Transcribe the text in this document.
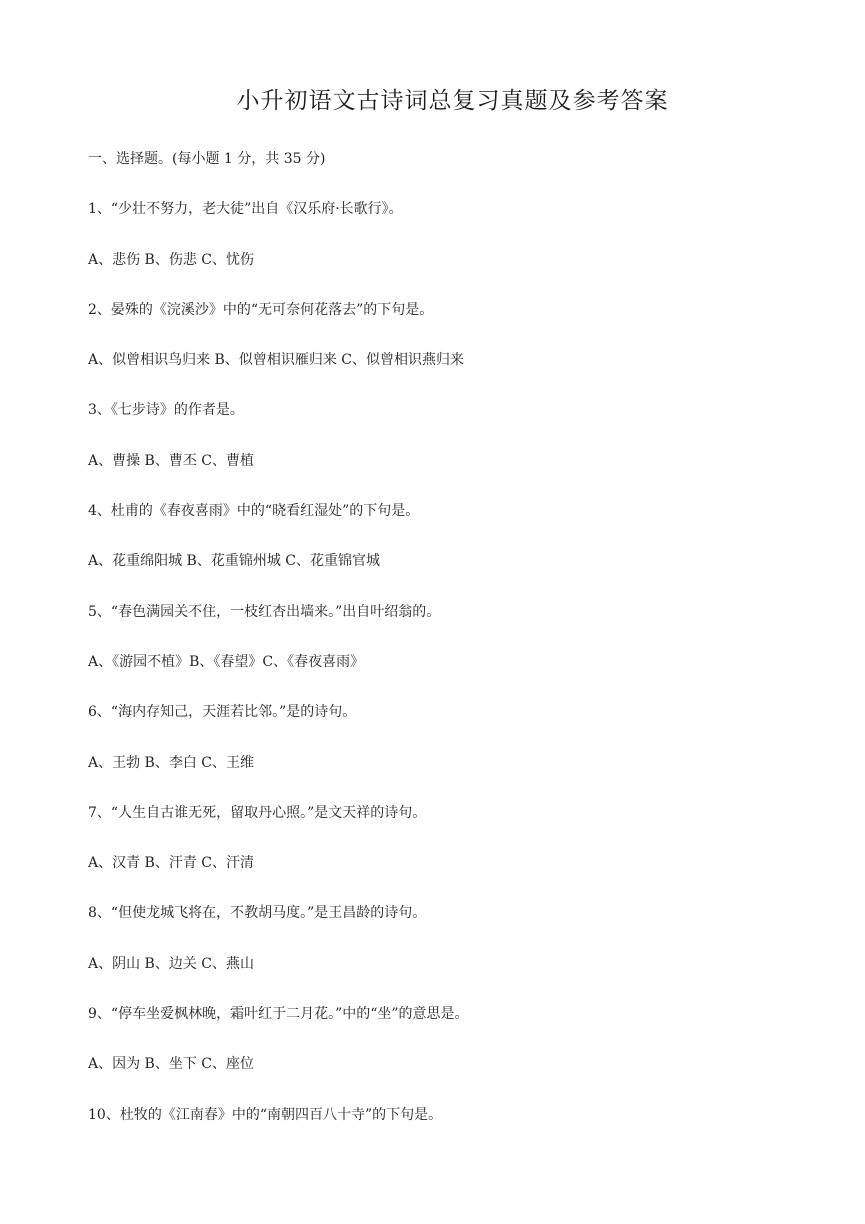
小升初语文古诗词总复习真题及参考答案
一、选择题。(每小题 1 分，共 35 分)
1、“少壮不努力，老大徒”出自《汉乐府·长歌行》。
A、悲伤 B、伤悲 C、忧伤
2、晏殊的《浣溪沙》中的“无可奈何花落去”的下句是。
A、似曾相识鸟归来 B、似曾相识雁归来 C、似曾相识燕归来
3、《七步诗》的作者是。
A、曹操 B、曹丕 C、曹植
4、杜甫的《春夜喜雨》中的“晓看红湿处”的下句是。
A、花重绵阳城 B、花重锦州城 C、花重锦官城
5、“春色满园关不住，一枝红杏出墙来。”出自叶绍翁的。
A、《游园不植》B、《春望》C、《春夜喜雨》
6、“海内存知己，天涯若比邻。”是的诗句。
A、王勃 B、李白 C、王维
7、“人生自古谁无死，留取丹心照。”是文天祥的诗句。
A、汉青 B、汗青 C、汗清
8、“但使龙城飞将在，不教胡马度。”是王昌龄的诗句。
A、阴山 B、边关 C、燕山
9、“停车坐爱枫林晚，霜叶红于二月花。”中的“坐”的意思是。
A、因为 B、坐下 C、座位
10、杜牧的《江南春》中的“南朝四百八十寺”的下句是。
